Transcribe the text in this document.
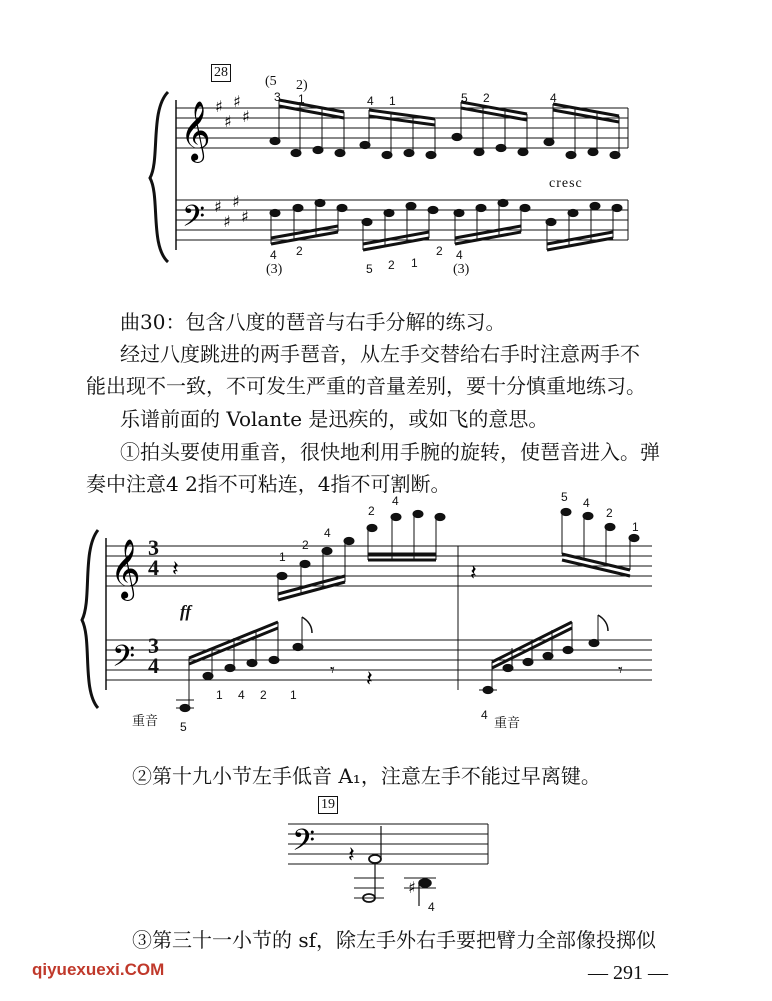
𝄞
𝄢
♯
♯
♯
♯
♯
♯
♯
♯
28
(5 2)
3 1	4 1	5 2	4
cresc
4 2
(3)	5 2 1
2 4
(3)
曲30：包含八度的琶音与右手分解的练习。
经过八度跳进的两手琶音，从左手交替给右手时注意两手不
能出现不一致，不可发生严重的音量差别，要十分慎重地练习。
乐谱前面的 Volante 是迅疾的，或如飞的意思。
①拍头要使用重音，很快地利用手腕的旋转，使琶音进入。弹
奏中注意4 2指不可粘连，4指不可割断。
𝄞
𝄢
𝄽	𝄽
𝄽
𝄾	𝄾
3
4
3
4
ff
1
2
4
2
4	5 4
2
1
1 4 2 1
5
重音	4
重音
②第十九小节左手低音 A₁，注意左手不能过早离键。
𝄢 𝄽
♯
19
4
③第三十一小节的 sf，除左手外右手要把臂力全部像投掷似
qiyuexuexi.COM	— 291 —
